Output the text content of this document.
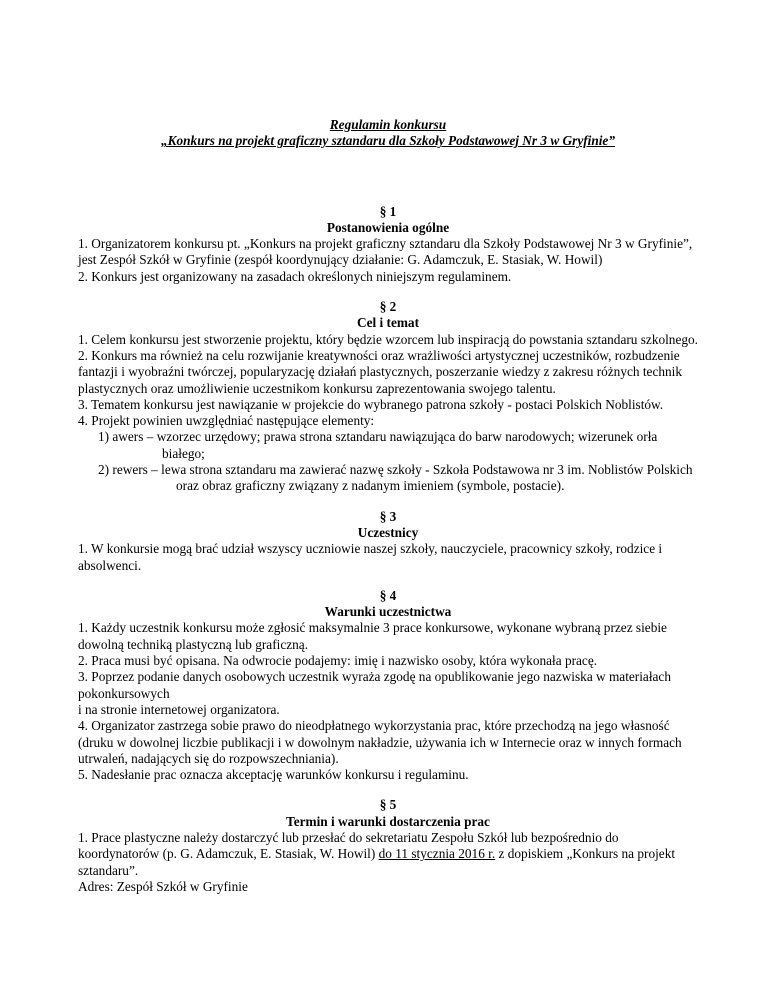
Regulamin konkursu

„Konkurs na projekt graficzny sztandaru dla Szkoły Podstawowej Nr 3 w Gryfinie”

§ 1

Postanowienia ogólne

1. Organizatorem konkursu pt. „Konkurs na projekt graficzny sztandaru dla Szkoły Podstawowej Nr 3 w Gryfinie”, jest Zespół Szkół w Gryfinie (zespół koordynujący działanie: G. Adamczuk, E. Stasiak, W. Howil)

2. Konkurs jest organizowany na zasadach określonych niniejszym regulaminem.

§ 2

Cel i temat

1. Celem konkursu jest stworzenie projektu, który będzie wzorcem lub inspiracją do powstania sztandaru szkolnego.

2. Konkurs ma również na celu rozwijanie kreatywności oraz wrażliwości artystycznej uczestników, rozbudzenie fantazji i wyobraźni twórczej, popularyzację działań plastycznych, poszerzanie wiedzy z zakresu różnych technik plastycznych oraz umożliwienie uczestnikom konkursu zaprezentowania swojego talentu.

3. Tematem konkursu jest nawiązanie w projekcie do wybranego patrona szkoły - postaci Polskich Noblistów.

4. Projekt powinien uwzględniać następujące elementy:

1) awers – wzorzec urzędowy; prawa strona sztandaru nawiązująca do barw narodowych; wizerunek orła białego;

2) rewers – lewa strona sztandaru ma zawierać nazwę szkoły - Szkoła Podstawowa nr 3 im. Noblistów Polskich oraz obraz graficzny związany z nadanym imieniem (symbole, postacie).

§ 3

Uczestnicy

1. W konkursie mogą brać udział wszyscy uczniowie naszej szkoły, nauczyciele, pracownicy szkoły, rodzice i absolwenci.

§ 4

Warunki uczestnictwa

1. Każdy uczestnik konkursu może zgłosić maksymalnie 3 prace konkursowe, wykonane wybraną przez siebie dowolną techniką plastyczną lub graficzną.

2. Praca musi być opisana. Na odwrocie podajemy: imię i nazwisko osoby, która wykonała pracę.

3. Poprzez podanie danych osobowych uczestnik wyraża zgodę na opublikowanie jego nazwiska w materiałach pokonkursowych

i na stronie internetowej organizatora.

4. Organizator zastrzega sobie prawo do nieodpłatnego wykorzystania prac, które przechodzą na jego własność (druku w dowolnej liczbie publikacji i w dowolnym nakładzie, używania ich w Internecie oraz w innych formach utrwaleń, nadających się do rozpowszechniania).

5. Nadesłanie prac oznacza akceptację warunków konkursu i regulaminu.

§ 5

Termin i warunki dostarczenia prac

1. Prace plastyczne należy dostarczyć lub przesłać do sekretariatu Zespołu Szkół lub bezpośrednio do koordynatorów (p. G. Adamczuk, E. Stasiak, W. Howil) do 11 stycznia 2016 r. z dopiskiem „Konkurs na projekt sztandaru”.

Adres: Zespół Szkół w Gryfinie
